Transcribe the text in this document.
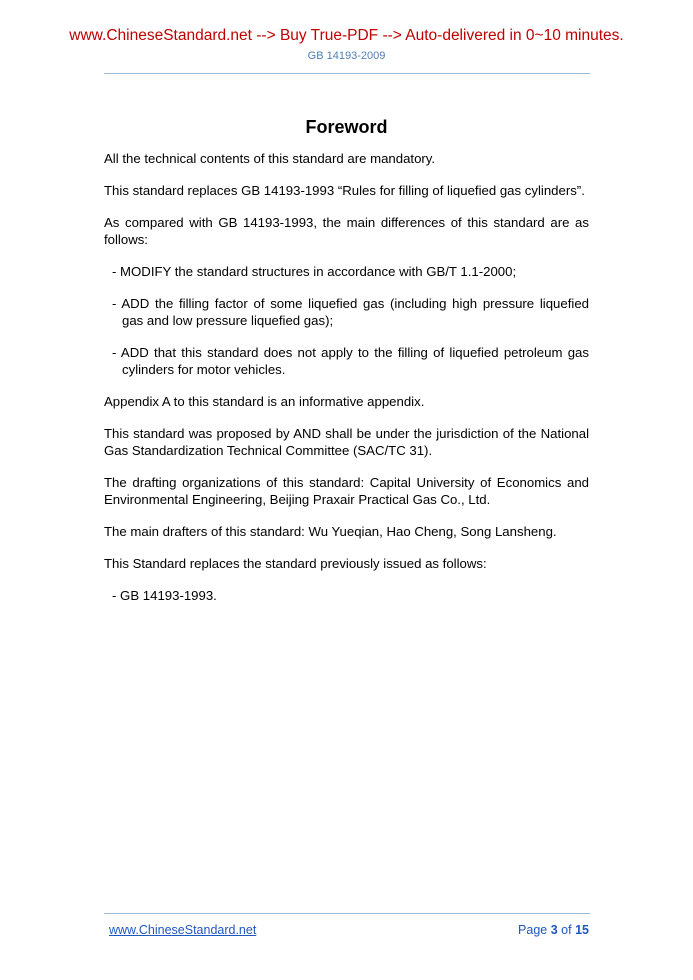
www.ChineseStandard.net --> Buy True-PDF --> Auto-delivered in 0~10 minutes.
GB 14193-2009
Foreword

All the technical contents of this standard are mandatory.

This standard replaces GB 14193-1993 “Rules for filling of liquefied gas cylinders”.

As compared with GB 14193-1993, the main differences of this standard are as follows:

- MODIFY the standard structures in accordance with GB/T 1.1-2000;

- ADD the filling factor of some liquefied gas (including high pressure liquefied gas and low pressure liquefied gas);

- ADD that this standard does not apply to the filling of liquefied petroleum gas cylinders for motor vehicles.

Appendix A to this standard is an informative appendix.

This standard was proposed by AND shall be under the jurisdiction of the National Gas Standardization Technical Committee (SAC/TC 31).

The drafting organizations of this standard: Capital University of Economics and Environmental Engineering, Beijing Praxair Practical Gas Co., Ltd.

The main drafters of this standard: Wu Yueqian, Hao Cheng, Song Lansheng.

This Standard replaces the standard previously issued as follows:

- GB 14193-1993.

www.ChineseStandard.net	Page 3 of 15
